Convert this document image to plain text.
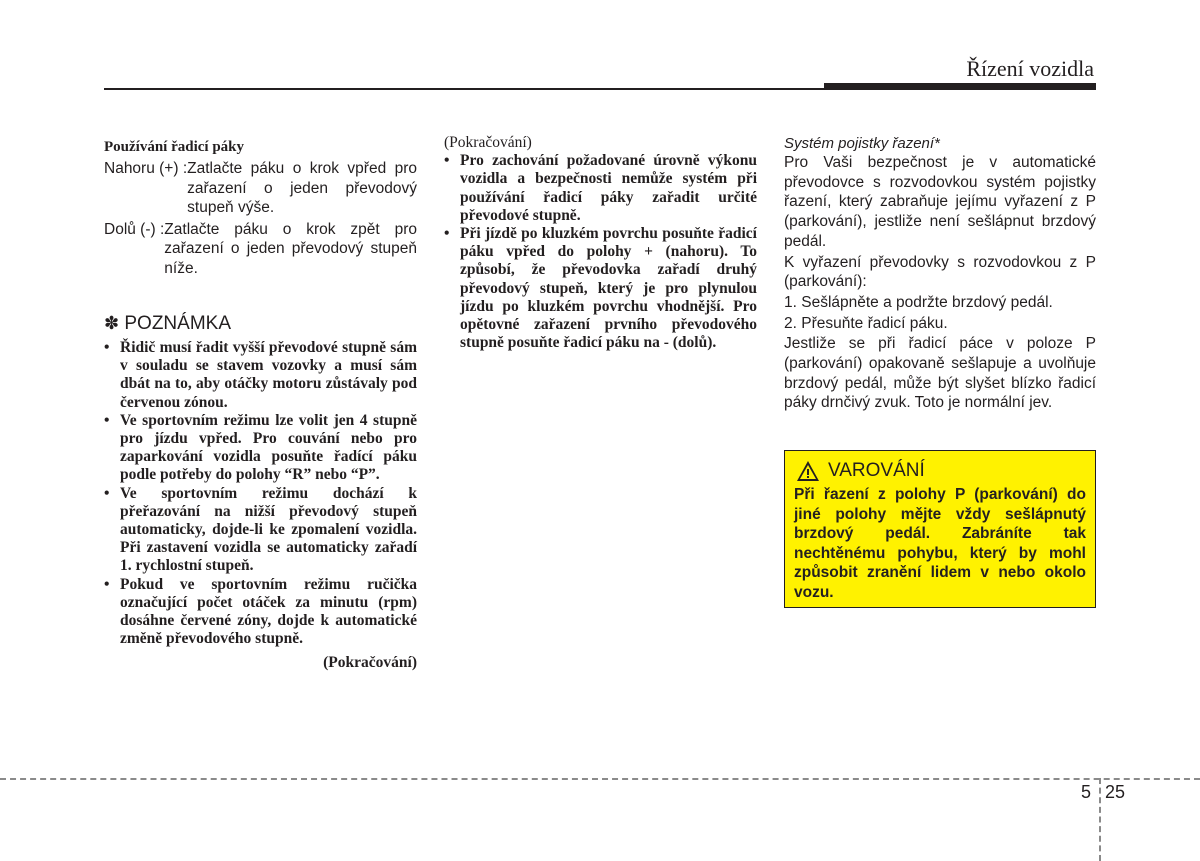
Řízení vozidla
Používání řadicí páky
Nahoru (+) : Zatlačte páku o krok vpřed pro zařazení o jeden převodový stupeň výše.
Dolů (-) : Zatlačte páku o krok zpět pro zařazení o jeden převodový stupeň níže.
✽ POZNÁMKA
• Řidič musí řadit vyšší převodové stupně sám v souladu se stavem vozovky a musí sám dbát na to, aby otáčky motoru zůstávaly pod červenou zónou.
• Ve sportovním režimu lze volit jen 4 stupně pro jízdu vpřed. Pro couvání nebo pro zaparkování vozidla posuňte řadící páku podle potřeby do polohy “R” nebo “P”.
• Ve sportovním režimu dochází k přeřazování na nižší převodový stupeň automaticky, dojde-li ke zpomalení vozidla. Při zastavení vozidla se automaticky zařadí 1. rychlostní stupeň.
• Pokud ve sportovním režimu ručička označující počet otáček za minutu (rpm) dosáhne červené zóny, dojde k automatické změně převodového stupně.
(Pokračování)
(Pokračování)
• Pro zachování požadované úrovně výkonu vozidla a bezpečnosti nemůže systém při používání řadicí páky zařadit určité převodové stupně.
• Při jízdě po kluzkém povrchu posuňte řadicí páku vpřed do polohy + (nahoru). To způsobí, že převodovka zařadí druhý převodový stupeň, který je pro plynulou jízdu po kluzkém povrchu vhodnější. Pro opětovné zařazení prvního převodového stupně posuňte řadicí páku na - (dolů).
Systém pojistky řazení*

Pro Vaši bezpečnost je v automatické převodovce s rozvodovkou systém pojistky řazení, který zabraňuje jejímu vyřazení z P (parkování), jestliže není sešlápnut brzdový pedál.

K vyřazení převodovky s rozvodovkou z P (parkování):

1. Sešlápněte a podržte brzdový pedál.

2. Přesuňte řadicí páku.

Jestliže se při řadicí páce v poloze P (parkování) opakovaně sešlapuje a uvolňuje brzdový pedál, může být slyšet blízko řadicí páky drnčivý zvuk. Toto je normální jev.

VAROVÁNÍ
Při řazení z polohy P (parkování) do jiné polohy mějte vždy sešlápnutý brzdový pedál. Zabráníte tak nechtěnému pohybu, který by mohl způsobit zranění lidem v nebo okolo vozu.
5 25
